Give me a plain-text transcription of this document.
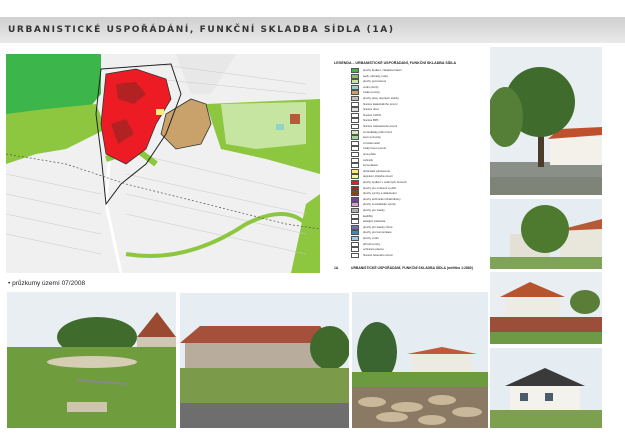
URBANISTICKÉ USPOŘÁDÁNÍ, FUNKČNÍ SKLADBA SÍDLA (1A)
LEGENDA – URBANISTICKÉ USPOŘÁDÁNÍ, FUNKČNÍ SKLADBA SÍDLA
plochy bydlení, zástavba hlavní
sady, zahrady, louky
plochy pozemkové
vodní plochy
trvalé porosty
plochy ploty, dopravní stavby
hranice katastrálního území
hranice obce
hranice CHKO
hranice BPK
hranice zastavěného území
zemědělský půdní fond
lesní pozemky
vzrostlá zeleň
trvalý travní porost
orná půda
zahrady
komunikace
občanská vybavenost
dopravní obsluha území
plochy bydlení v rodinných domech
plochy pro smíšené využití
plochy výroby a skladování
plochy technické infrastruktury
plochy zemědělské výroby
plochy pro stavby
kapličky
stávající zástavba
plochy pro stavby různé
plochy pro komunikace
plochy vodní
přírodní prvky
ochranné pásmo
hranice řešeného území
1A	URBANISTICKÉ USPOŘÁDÁNÍ, FUNKČNÍ SKLADBA SÍDLA (měřítko 1:2880)
• průzkumy území 07/2008
